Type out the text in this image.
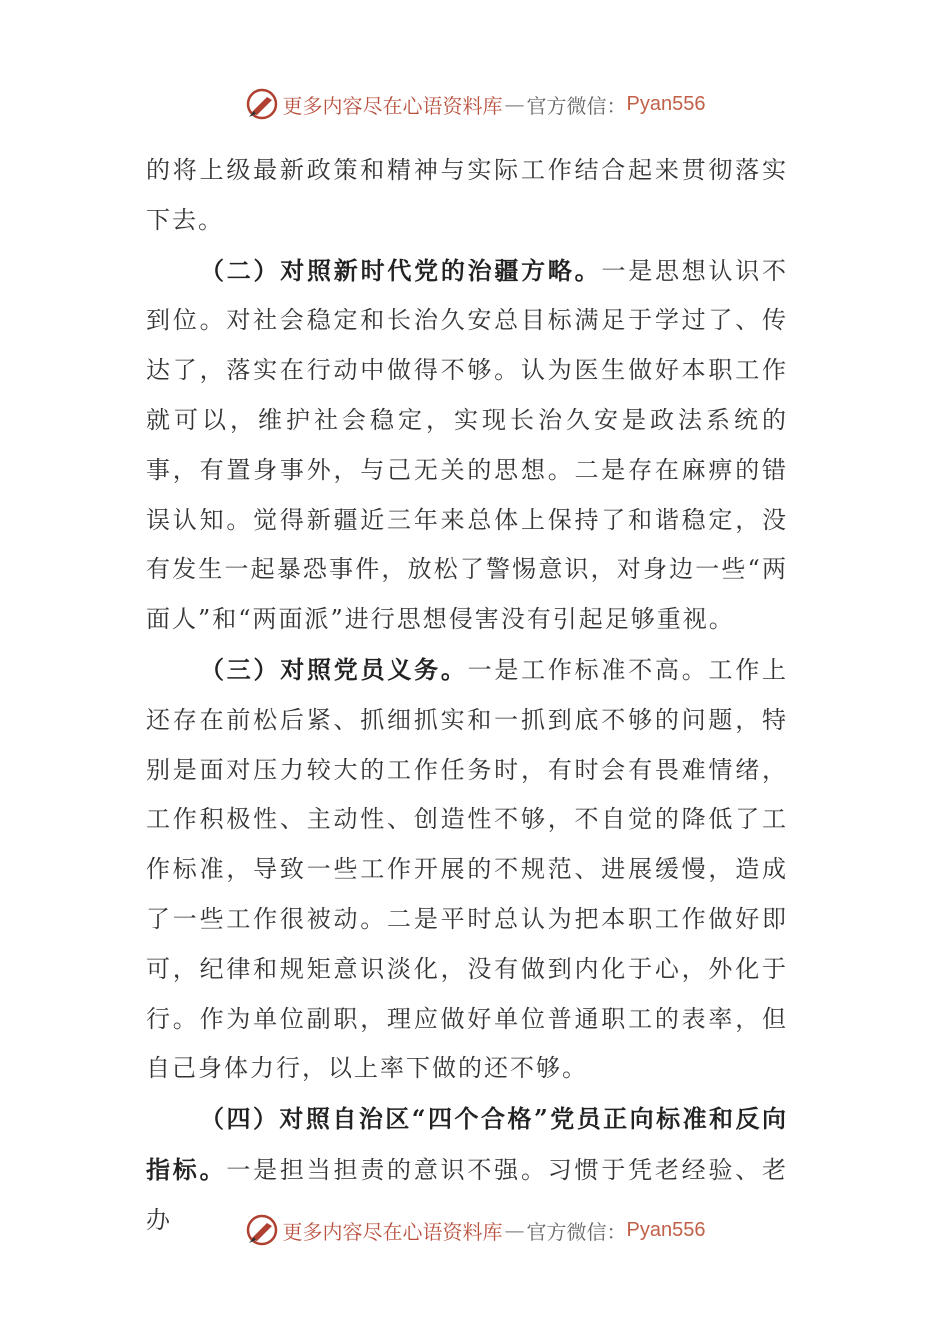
更多内容尽在心语资料库 — 官方微信： Pyan556

的将上级最新政策和精神与实际工作结合起来贯彻落实下去。

（二）对照新时代党的治疆方略。一是思想认识不到位。对社会稳定和长治久安总目标满足于学过了、传达了，落实在行动中做得不够。认为医生做好本职工作就可以，维护社会稳定，实现长治久安是政法系统的事，有置身事外，与己无关的思想。二是存在麻痹的错误认知。觉得新疆近三年来总体上保持了和谐稳定，没有发生一起暴恐事件，放松了警惕意识，对身边一些“两面人”和“两面派”进行思想侵害没有引起足够重视。

（三）对照党员义务。一是工作标准不高。工作上还存在前松后紧、抓细抓实和一抓到底不够的问题，特别是面对压力较大的工作任务时，有时会有畏难情绪，工作积极性、主动性、创造性不够，不自觉的降低了工作标准，导致一些工作开展的不规范、进展缓慢，造成了一些工作很被动。二是平时总认为把本职工作做好即可，纪律和规矩意识淡化，没有做到内化于心，外化于行。作为单位副职，理应做好单位普通职工的表率，但自己身体力行，以上率下做的还不够。

（四）对照自治区“四个合格”党员正向标准和反向指标。一是担当担责的意识不强。习惯于凭老经验、老办	更多内容尽在心语资料库 — 官方微信： Pyan556
